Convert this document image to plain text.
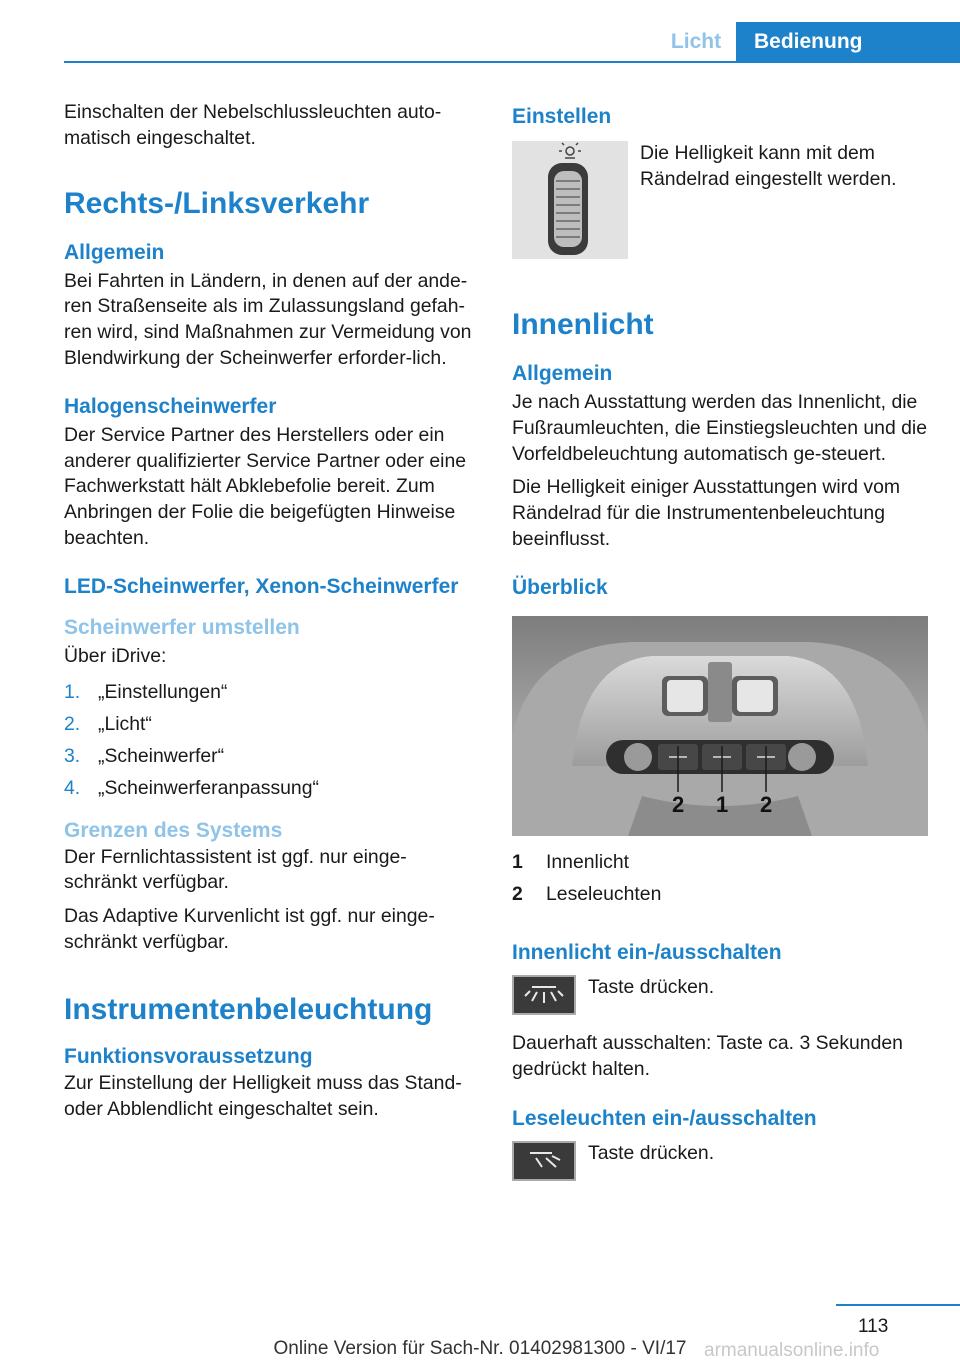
Licht	Bedienung

Einschalten der Nebelschlussleuchten auto-matisch eingeschaltet.

Rechts-/Linksverkehr
Allgemein

Bei Fahrten in Ländern, in denen auf der ande-ren Straßenseite als im Zulassungsland gefah-ren wird, sind Maßnahmen zur Vermeidung von Blendwirkung der Scheinwerfer erforder-lich.

Halogenscheinwerfer

Der Service Partner des Herstellers oder ein anderer qualifizierter Service Partner oder eine Fachwerkstatt hält Abklebefolie bereit. Zum Anbringen der Folie die beigefügten Hinweise beachten.

LED-Scheinwerfer, Xenon-Scheinwerfer
Scheinwerfer umstellen

Über iDrive:

1. „Einstellungen“
2. „Licht“
3. „Scheinwerfer“
4. „Scheinwerferanpassung“
Grenzen des Systems

Der Fernlichtassistent ist ggf. nur einge-schränkt verfügbar.

Das Adaptive Kurvenlicht ist ggf. nur einge-schränkt verfügbar.

Instrumentenbeleuchtung
Funktionsvoraussetzung

Zur Einstellung der Helligkeit muss das Stand- oder Abblendlicht eingeschaltet sein.

Einstellen

Die Helligkeit kann mit dem Rändelrad eingestellt werden.

Innenlicht
Allgemein

Je nach Ausstattung werden das Innenlicht, die Fußraumleuchten, die Einstiegsleuchten und die Vorfeldbeleuchtung automatisch ge-steuert.

Die Helligkeit einiger Ausstattungen wird vom Rändelrad für die Instrumentenbeleuchtung beeinflusst.

Überblick
2 1 2
1	Innenlicht
2	Leseleuchten
Innenlicht ein-/ausschalten

Taste drücken.

Dauerhaft ausschalten: Taste ca. 3 Sekunden gedrückt halten.

Leseleuchten ein-/ausschalten

Taste drücken.

113
armanualsonline.info
Online Version für Sach-Nr. 01402981300 - VI/17
